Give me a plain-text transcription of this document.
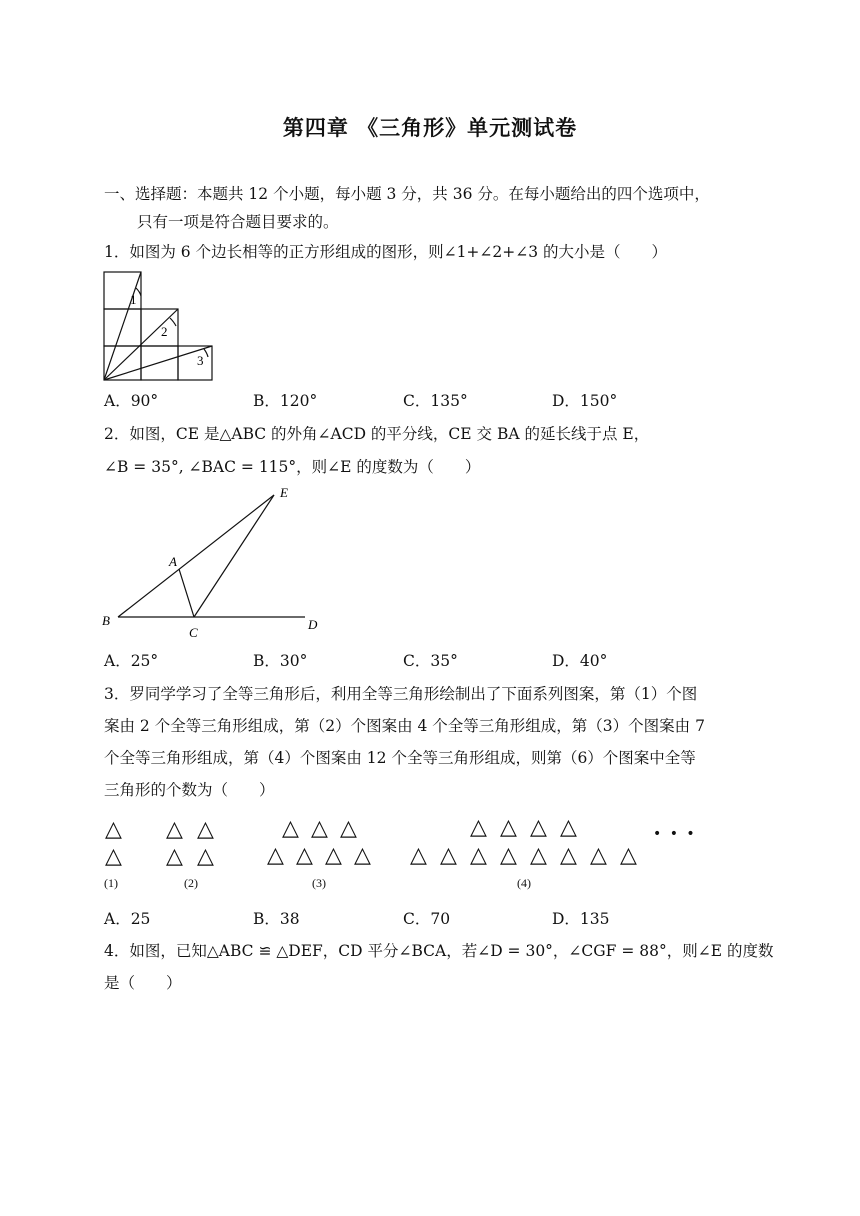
第四章 《三角形》单元测试卷
一、选择题：本题共 12 个小题，每小题 3 分，共 36 分。在每小题给出的四个选项中，
只有一项是符合题目要求的。
1．如图为 6 个边长相等的正方形组成的图形，则∠1+∠2+∠3 的大小是（　　）
1
2
3
A．90°	B．120°	C．135°	D．150°
2．如图，CE 是△ABC 的外角∠ACD 的平分线，CE 交 BA 的延长线于点 E，
∠B = 35°, ∠BAC = 115°，则∠E 的度数为（　　）
A
B
C
D
E
A．25°	B．30°	C．35°	D．40°
3．罗同学学习了全等三角形后，利用全等三角形绘制出了下面系列图案，第（1）个图
案由 2 个全等三角形组成，第（2）个图案由 4 个全等三角形组成，第（3）个图案由 7
个全等三角形组成，第（4）个图案由 12 个全等三角形组成，则第（6）个图案中全等
三角形的个数为（　　）
△
△
△ △
△ △
△ △ △
△ △ △ △
△ △ △ △
△ △ △ △ △ △ △ △
• • •
(1)	(2)	(3)	(4)
A．25	B．38	C．70	D．135
4．如图，已知△ABC ≌ △DEF，CD 平分∠BCA，若∠D = 30°，∠CGF = 88°，则∠E 的度数
是（　　）
